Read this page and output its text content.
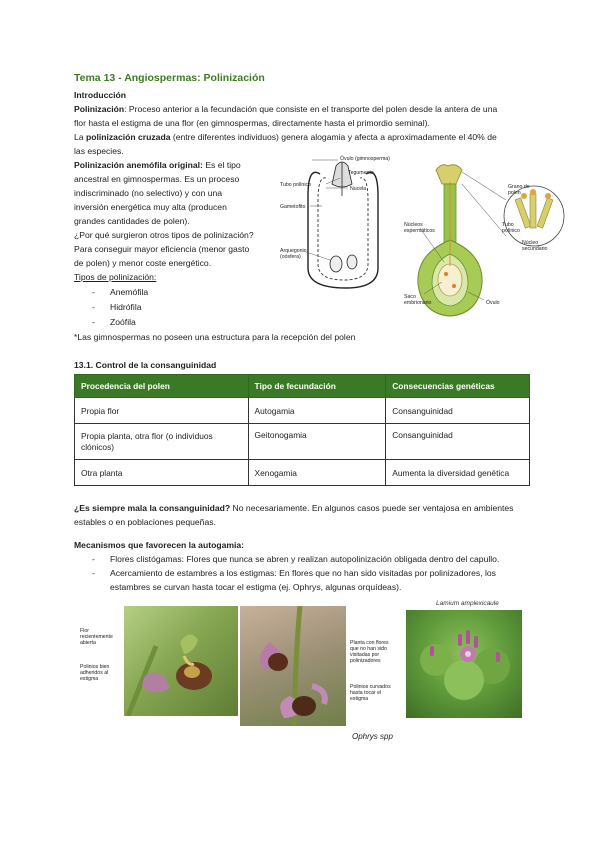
Tema 13 - Angiospermas: Polinización
Introducción
Polinización: Proceso anterior a la fecundación que consiste en el transporte del polen desde la antera de una
flor hasta el estigma de una flor (en gimnospermas, directamente hasta el primordio seminal).
La polinización cruzada (entre diferentes individuos) genera alogamia y afecta a aproximadamente el 40% de
las especies.
Polinización anemófila original: Es el tipo
ancestral en gimnospermas. Es un proceso
indiscriminado (no selectivo) y con una
inversión energética muy alta (producen
grandes cantidades de polen).
¿Por qué surgieron otros tipos de polinización?
Para conseguir mayor eficiencia (menor gasto
de polen) y menor coste energético.
Tipos de polinización:
- Anemófila
- Hidrófila
- Zoófila
*Las gimnospermas no poseen una estructura para la recepción del polen
Óvulo (gimnosperma)
Tegumento
Tubo polínico
Nucela
Gametofito
Arquegonio (oósfera)
Grano de polen
Tubo polínico
Núcleos espermáticos
Núcleo secundario
Saco embrionario	Óvulo
13.1. Control de la consanguinidad
Procedencia del polen	Tipo de fecundación	Consecuencias genéticas
Propia flor	Autogamia	Consanguinidad
Propia planta, otra flor (o individuos clónicos)	Geitonogamia	Consanguinidad
Otra planta	Xenogamia	Aumenta la diversidad genética
¿Es siempre mala la consanguinidad? No necesariamente. En algunos casos puede ser ventajosa en ambientes
estables o en poblaciones pequeñas.
Mecanismos que favorecen la autogamia:
- Flores clistógamas: Flores que nunca se abren y realizan autopolinización obligada dentro del capullo.
- Acercamiento de estambres a los estigmas: En flores que no han sido visitadas por polinizadores, los
estambres se curvan hasta tocar el estigma (ej. Ophrys, algunas orquídeas).
Flor recientemente abierta
Polinios bien adheridos al estigma
Planta con flores que no han sido visitadas por polinizadores
Polinios curvados hasta tocar el estigma
Ophrys spp
Lamium amplexicaule
